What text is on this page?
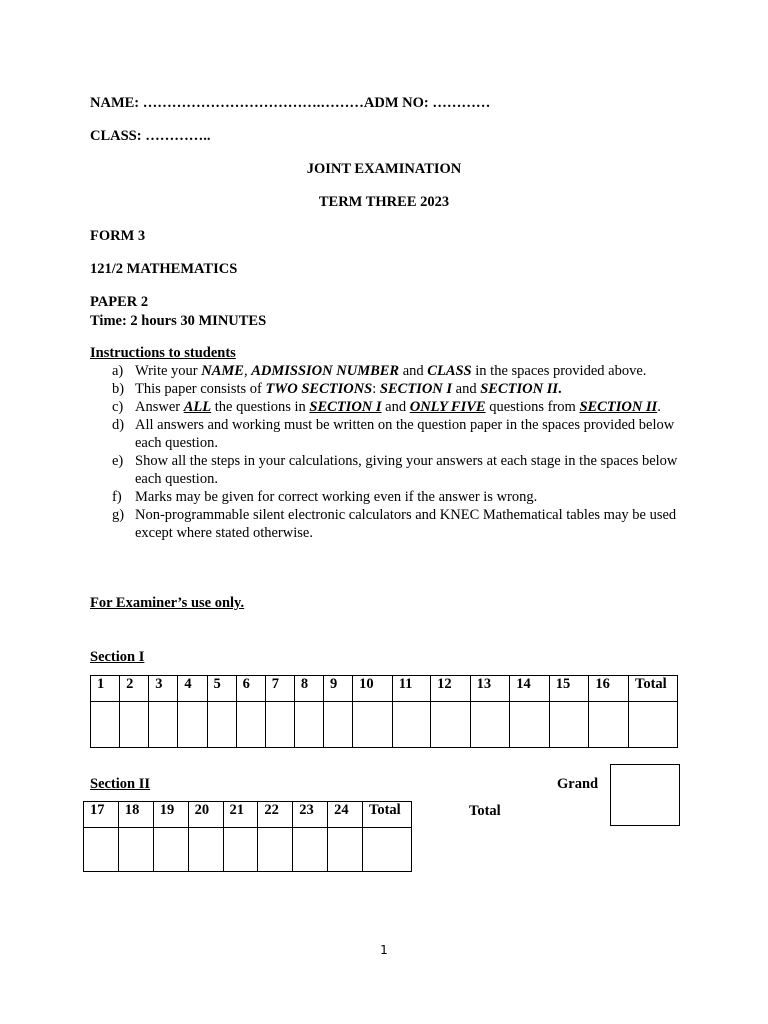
NAME: ……………………………….………ADM NO: …………
CLASS: …………..
JOINT EXAMINATION
TERM THREE 2023
FORM 3
121/2 MATHEMATICS
PAPER 2
Time: 2 hours 30 MINUTES
Instructions to students
a) Write your NAME, ADMISSION NUMBER and CLASS in the spaces provided above.
b) This paper consists of TWO SECTIONS: SECTION I and SECTION II.
c) Answer ALL the questions in SECTION I and ONLY FIVE questions from SECTION II.
d) All answers and working must be written on the question paper in the spaces provided below each question.
e) Show all the steps in your calculations, giving your answers at each stage in the spaces below each question.
f) Marks may be given for correct working even if the answer is wrong.
g) Non-programmable silent electronic calculators and KNEC Mathematical tables may be used except where stated otherwise.
For Examiner’s use only.
Section I
1	2	3	4	5	6	7	8	9	10	11	12	13	14	15	16	Total

Section II	Grand
Total
17	18	19	20	21	22	23	24	Total

1
